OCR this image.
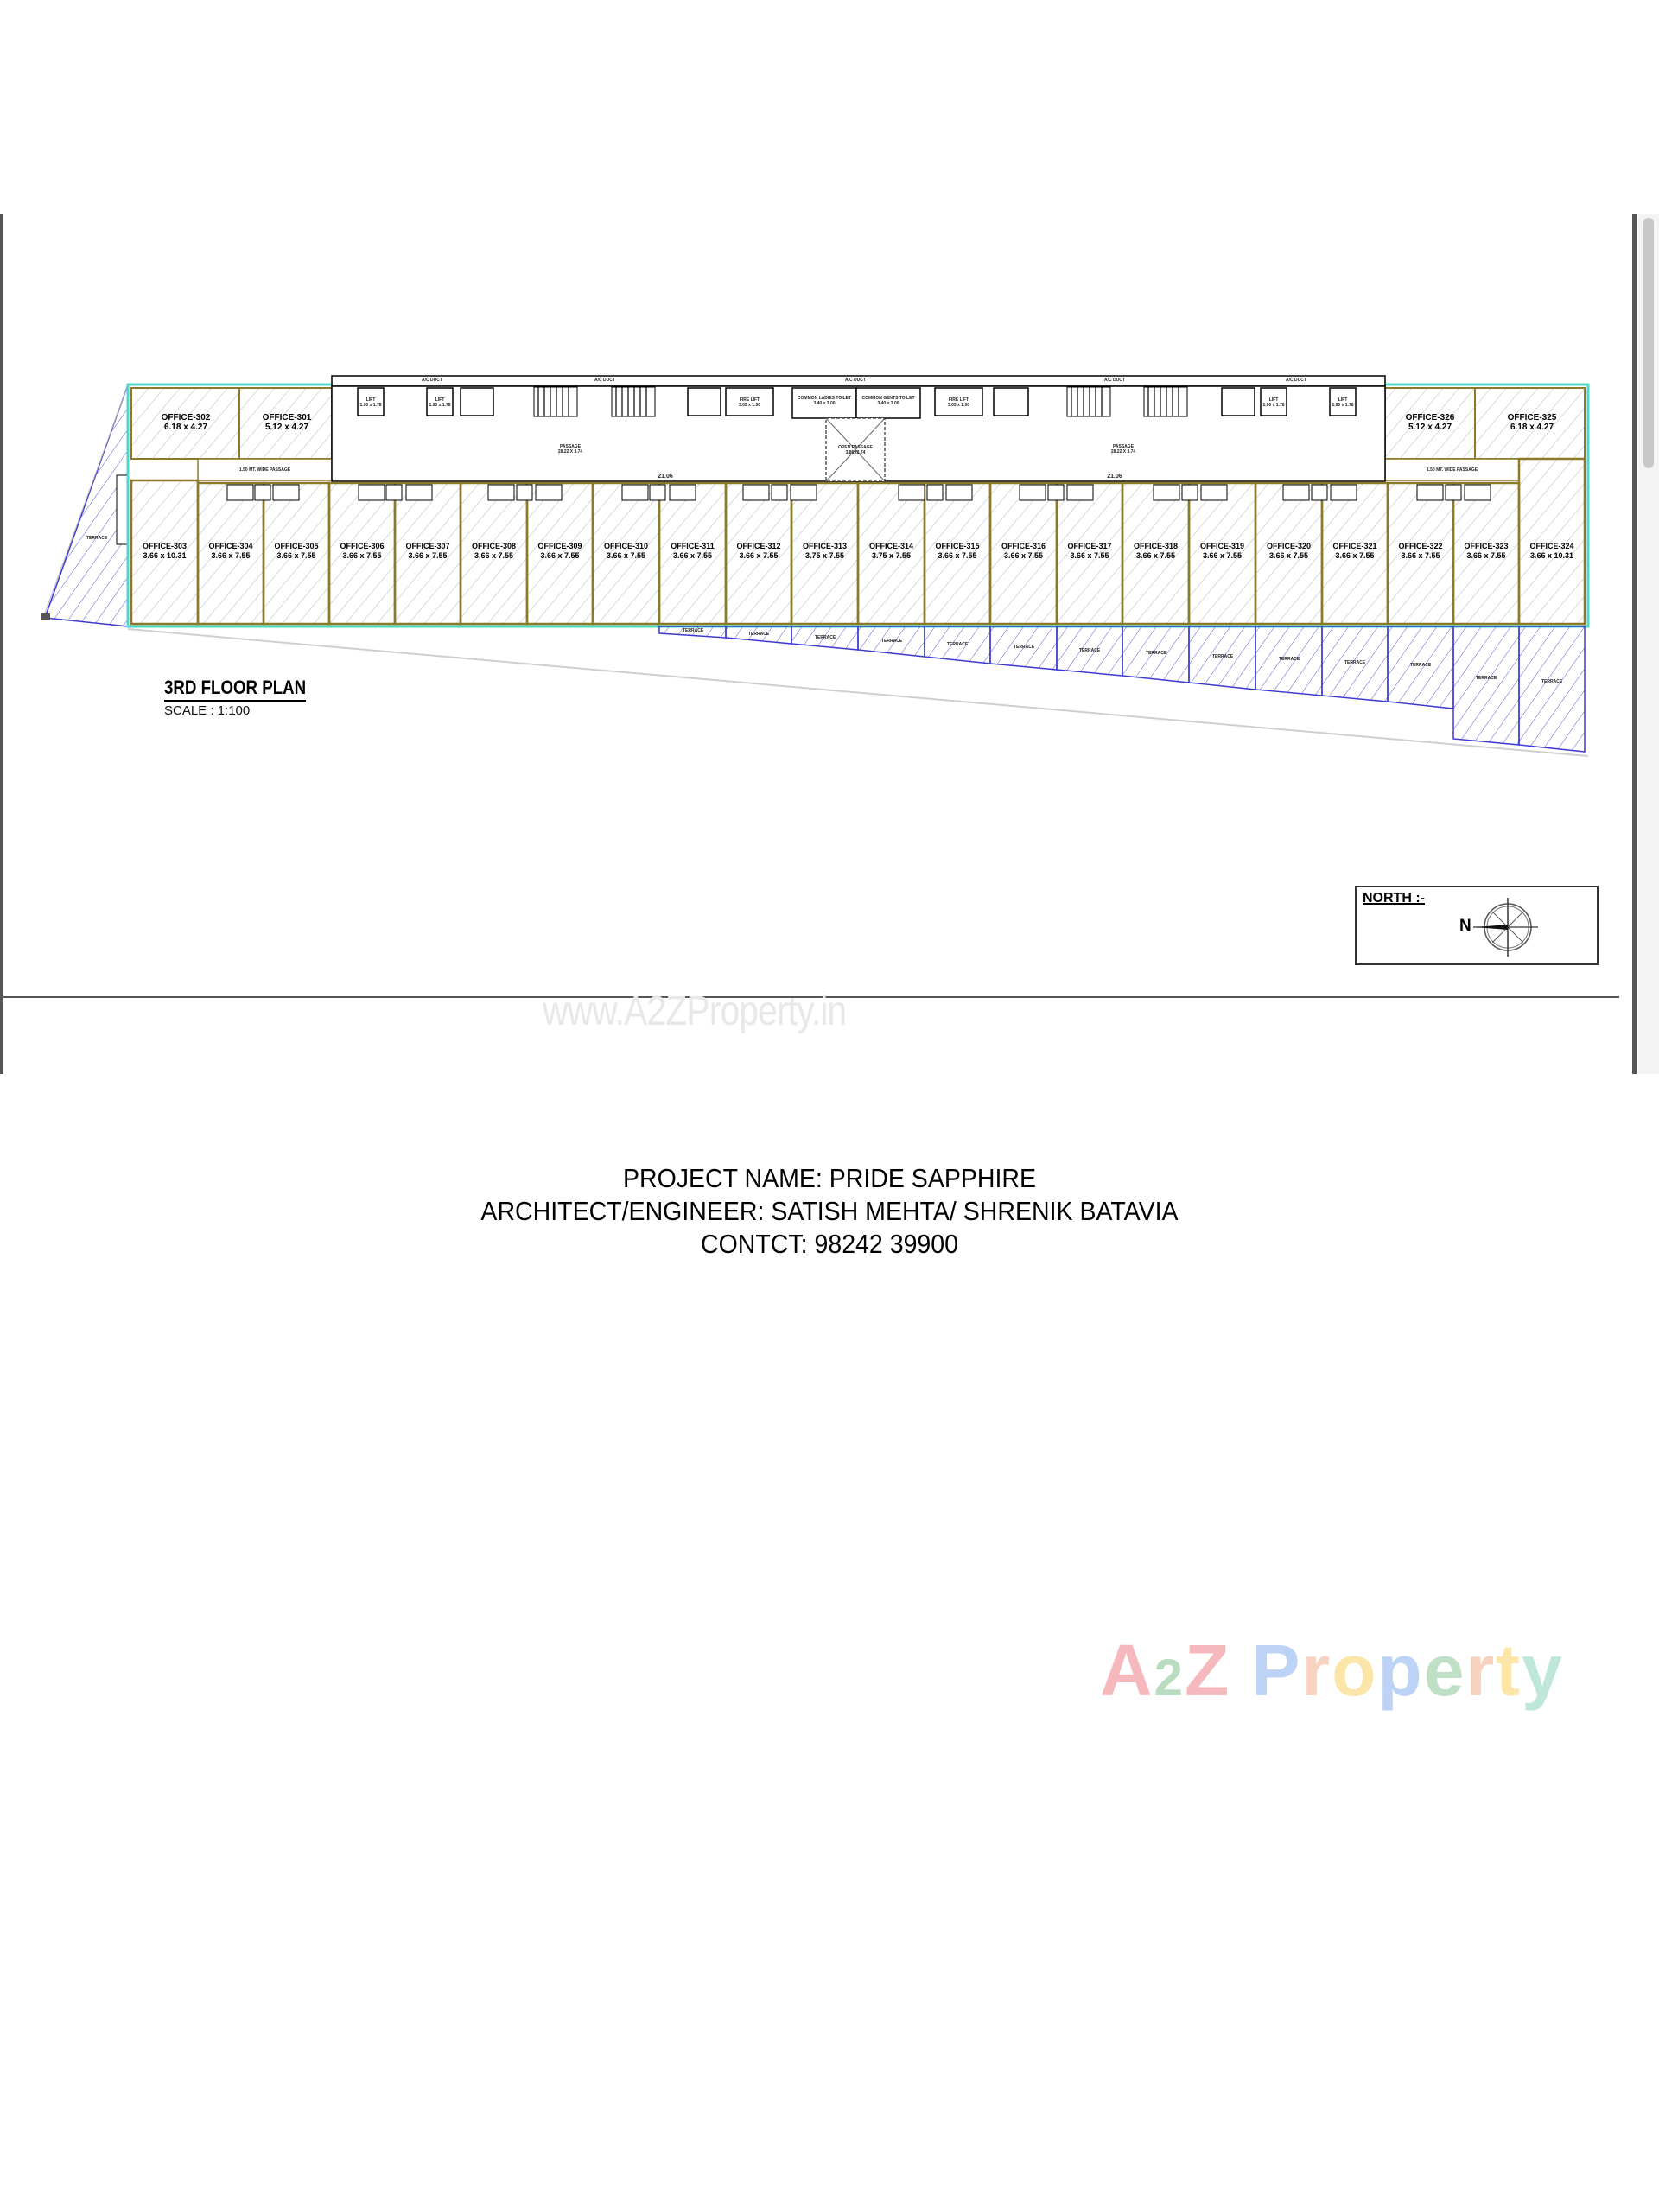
OFFICE-302
6.18 x 4.27
OFFICE-301
5.12 x 4.27
OFFICE-326
5.12 x 4.27
OFFICE-325
6.18 x 4.27
OFFICE-303
3.66 x 10.31
OFFICE-304
3.66 x 7.55
OFFICE-305
3.66 x 7.55
OFFICE-306
3.66 x 7.55
OFFICE-307
3.66 x 7.55
OFFICE-308
3.66 x 7.55
OFFICE-309
3.66 x 7.55
OFFICE-310
3.66 x 7.55
OFFICE-311
3.66 x 7.55
OFFICE-312
3.66 x 7.55
OFFICE-313
3.75 x 7.55
OFFICE-314
3.75 x 7.55
OFFICE-315
3.66 x 7.55
OFFICE-316
3.66 x 7.55
OFFICE-317
3.66 x 7.55
OFFICE-318
3.66 x 7.55
OFFICE-319
3.66 x 7.55
OFFICE-320
3.66 x 7.55
OFFICE-321
3.66 x 7.55
OFFICE-322
3.66 x 7.55
OFFICE-323
3.66 x 7.55
OFFICE-324
3.66 x 10.31
A/C DUCT	A/C DUCT	A/C DUCT	A/C DUCT	A/C DUCT
PASSAGE
28.22 X 3.74
PASSAGE
28.22 X 3.74
OPEN PASSAGE
3.86X0.74
COMMON LADIES TOILET
3.40 x 3.00
COMMON GENTS TOILET
3.40 x 3.00
FIRE LIFT
3.03 x 1.90
FIRE LIFT
3.03 x 1.90
LIFT
1.90 x 1.78
LIFT
1.90 x 1.78
LIFT
1.90 x 1.78
LIFT
1.90 x 1.78
1.50 MT. WIDE PASSAGE	1.50 MT. WIDE PASSAGE
21.06	21.06
TERRACE
TERRACE
TERRACE
TERRACE
TERRACE
TERRACE	TERRACE
TERRACE	TERRACE
TERRACE	TERRACE
TERRACE	TERRACE
TERRACE
TERRACE
3RD FLOOR PLAN
SCALE : 1:100
NORTH :-
N
www.A2ZProperty.in
PROJECT NAME: PRIDE SAPPHIRE
ARCHITECT/ENGINEER: SATISH MEHTA/ SHRENIK BATAVIA
CONTCT: 98242 39900
A2Z Property
